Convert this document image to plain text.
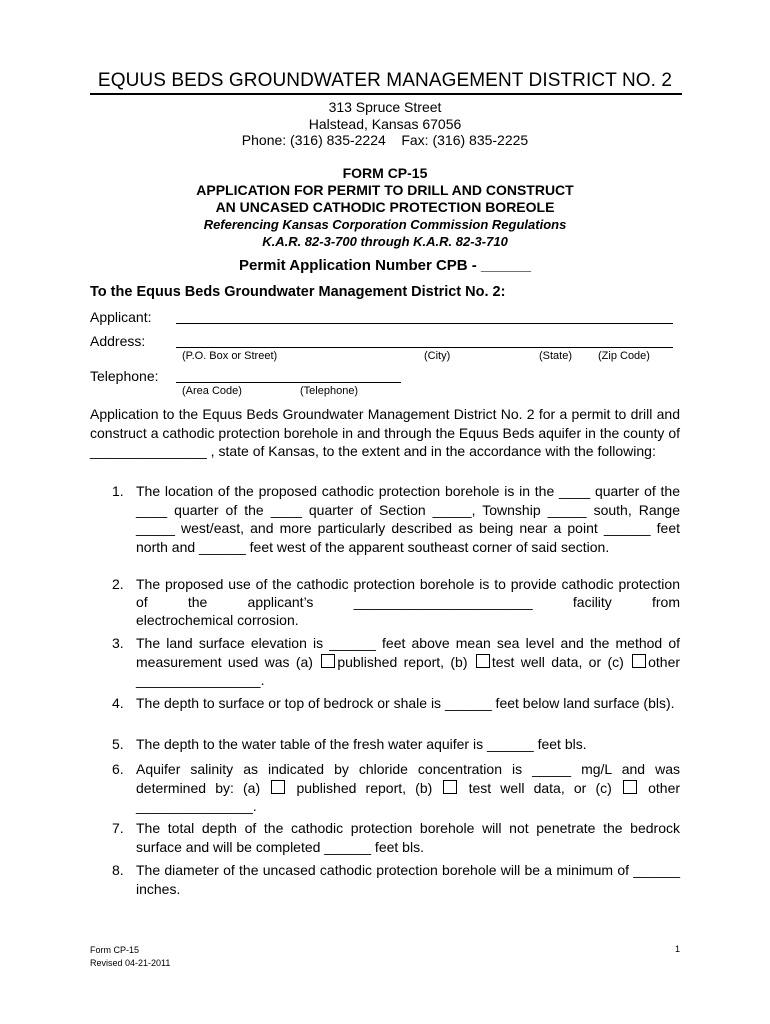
EQUUS BEDS GROUNDWATER MANAGEMENT DISTRICT NO. 2
313 Spruce Street
Halstead, Kansas 67056
Phone: (316) 835-2224    Fax: (316) 835-2225
FORM CP-15
APPLICATION FOR PERMIT TO DRILL AND CONSTRUCT
AN UNCASED CATHODIC PROTECTION BOREOLE
Referencing Kansas Corporation Commission Regulations
K.A.R. 82-3-700 through K.A.R. 82-3-710
Permit Application Number CPB - ______
To the Equus Beds Groundwater Management District No. 2:
Applicant:
Address:
(P.O. Box or Street)	(City)	(State) (Zip Code)
Telephone:
(Area Code)	(Telephone)
Application to the Equus Beds Groundwater Management District No. 2 for a permit to drill and construct a cathodic protection borehole in and through the Equus Beds aquifer in the county of _______________ , state of Kansas, to the extent and in the accordance with the following:
1. The location of the proposed cathodic protection borehole is in the ____ quarter of the ____ quarter of the ____ quarter of Section _____, Township _____ south, Range _____ west/east, and more particularly described as being near a point ______ feet north and ______ feet west of the apparent southeast corner of said section.
2. The proposed use of the cathodic protection borehole is to provide cathodic protection
of	the	applicant’s	_______________________	facility	from
electrochemical corrosion.
3. The land surface elevation is ______ feet above mean sea level and the method of measurement used was (a) published report, (b) test well data, or (c) other ________________.
4. The depth to surface or top of bedrock or shale is ______ feet below land surface (bls).
5. The depth to the water table of the fresh water aquifer is ______ feet bls.
6. Aquifer salinity as indicated by chloride concentration is _____ mg/L and was determined by: (a)	published report, (b)	test well data, or (c)	other _______________.
7. The total depth of the cathodic protection borehole will not penetrate the bedrock surface and will be completed ______ feet bls.
8. The diameter of the uncased cathodic protection borehole will be a minimum of ______ inches.
Form CP-15
Revised 04-21-2011
1
